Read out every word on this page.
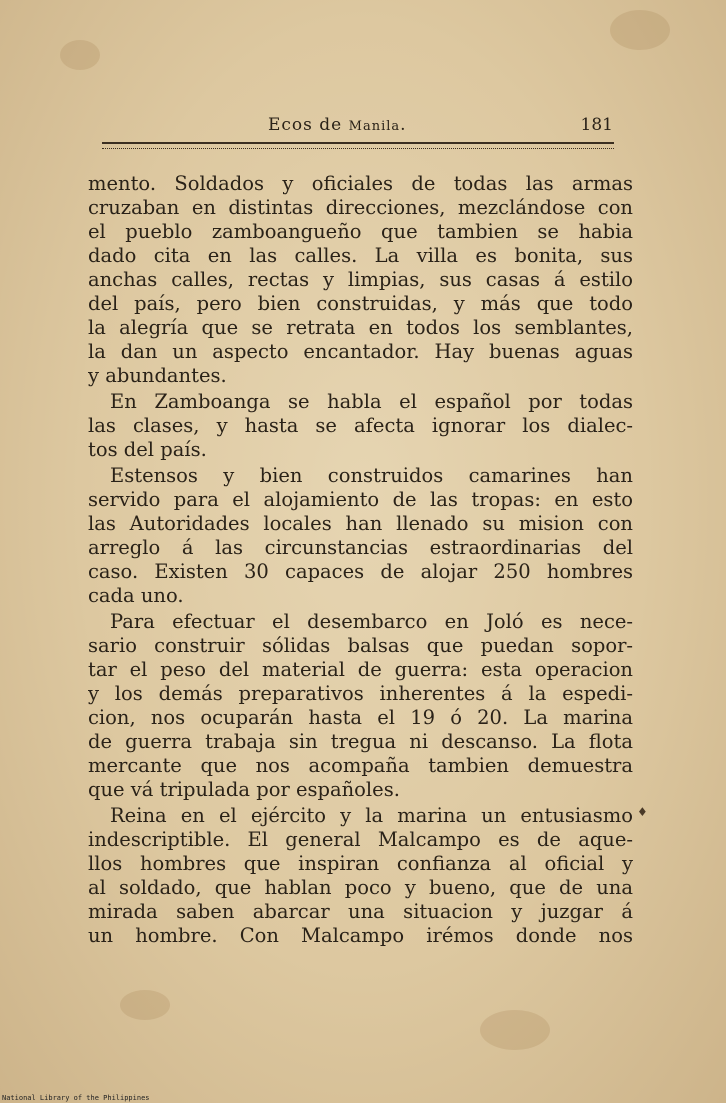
Ecos de Manila.	181

mento. Soldados y oficiales de todas las armas
cruzaban en distintas direcciones, mezclándose con
el pueblo zamboangueño que tambien se habia
dado cita en las calles. La villa es bonita, sus
anchas calles, rectas y limpias, sus casas á estilo
del país, pero bien construidas, y más que todo
la alegría que se retrata en todos los semblantes,
la dan un aspecto encantador. Hay buenas aguas
y abundantes.

En Zamboanga se habla el español por todas
las clases, y hasta se afecta ignorar los dialec-
tos del país.

Estensos y bien construidos camarines han
servido para el alojamiento de las tropas: en esto
las Autoridades locales han llenado su mision con
arreglo á las circunstancias estraordinarias del
caso. Existen 30 capaces de alojar 250 hombres
cada uno.

Para efectuar el desembarco en Joló es nece-
sario construir sólidas balsas que puedan sopor-
tar el peso del material de guerra: esta operacion
y los demás preparativos inherentes á la espedi-
cion, nos ocuparán hasta el 19 ó 20. La marina
de guerra trabaja sin tregua ni descanso. La flota
mercante que nos acompaña tambien demuestra
que vá tripulada por españoles.

Reina en el ejército y la marina un entusiasmo
indescriptible. El general Malcampo es de aque-
llos hombres que inspiran confianza al oficial y
al soldado, que hablan poco y bueno, que de una
mirada saben abarcar una situacion y juzgar á
un hombre. Con Malcampo irémos donde nos

♦
National Library of the Philippines
